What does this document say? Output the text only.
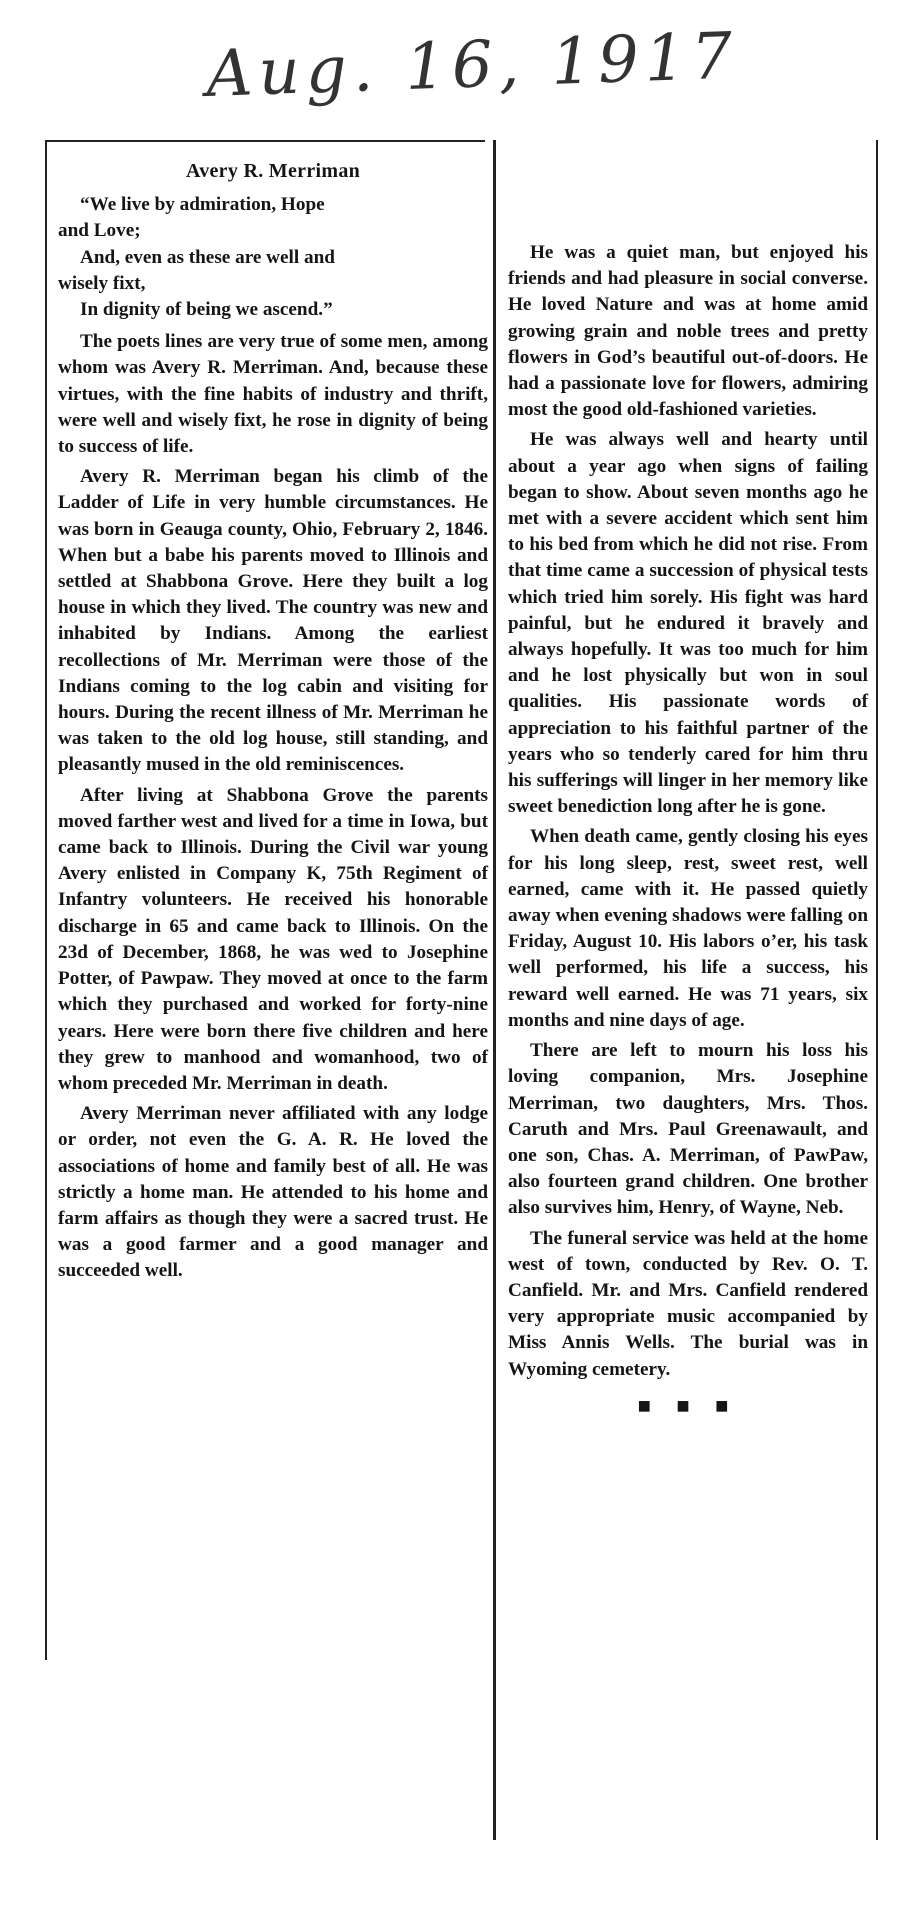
Aug. 16, 1917
Avery R. Merriman
“We live by admiration, Hope
and Love;
And, even as these are well and
wisely fixt,
In dignity of being we ascend.”

The poets lines are very true of some men, among whom was Avery R. Merriman. And, because these virtues, with the fine habits of industry and thrift, were well and wisely fixt, he rose in dignity of being to success of life.

Avery R. Merriman began his climb of the Ladder of Life in very humble circumstances. He was born in Geauga county, Ohio, February 2, 1846. When but a babe his parents moved to Illinois and settled at Shabbona Grove. Here they built a log house in which they lived. The country was new and inhabited by Indians. Among the earliest recollections of Mr. Merriman were those of the Indians coming to the log cabin and visiting for hours. During the recent illness of Mr. Merriman he was taken to the old log house, still standing, and pleasantly mused in the old reminiscences.

After living at Shabbona Grove the parents moved farther west and lived for a time in Iowa, but came back to Illinois. During the Civil war young Avery enlisted in Company K, 75th Regiment of Infantry volunteers. He received his honorable discharge in 65 and came back to Illinois. On the 23d of December, 1868, he was wed to Josephine Potter, of Pawpaw. They moved at once to the farm which they purchased and worked for forty-nine years. Here were born there five children and here they grew to manhood and womanhood, two of whom preceded Mr. Merriman in death.

Avery Merriman never affiliated with any lodge or order, not even the G. A. R. He loved the associations of home and family best of all. He was strictly a home man. He attended to his home and farm affairs as though they were a sacred trust. He was a good farmer and a good manager and succeeded well.

He was a quiet man, but enjoyed his friends and had pleasure in social converse. He loved Nature and was at home amid growing grain and noble trees and pretty flowers in God’s beautiful out-of-doors. He had a passionate love for flowers, admiring most the good old-fashioned varieties.

He was always well and hearty until about a year ago when signs of failing began to show. About seven months ago he met with a severe accident which sent him to his bed from which he did not rise. From that time came a succession of physical tests which tried him sorely. His fight was hard painful, but he endured it bravely and always hopefully. It was too much for him and he lost physically but won in soul qualities. His passionate words of appreciation to his faithful partner of the years who so tenderly cared for him thru his sufferings will linger in her memory like sweet benediction long after he is gone.

When death came, gently closing his eyes for his long sleep, rest, sweet rest, well earned, came with it. He passed quietly away when evening shadows were falling on Friday, August 10. His labors o’er, his task well performed, his life a success, his reward well earned. He was 71 years, six months and nine days of age.

There are left to mourn his loss his loving companion, Mrs. Josephine Merriman, two daughters, Mrs. Thos. Caruth and Mrs. Paul Greenawault, and one son, Chas. A. Merriman, of PawPaw, also fourteen grand children. One brother also survives him, Henry, of Wayne, Neb.

The funeral service was held at the home west of town, conducted by Rev. O. T. Canfield. Mr. and Mrs. Canfield rendered very appropriate music accompanied by Miss Annis Wells. The burial was in Wyoming cemetery.

■ ■ ■
